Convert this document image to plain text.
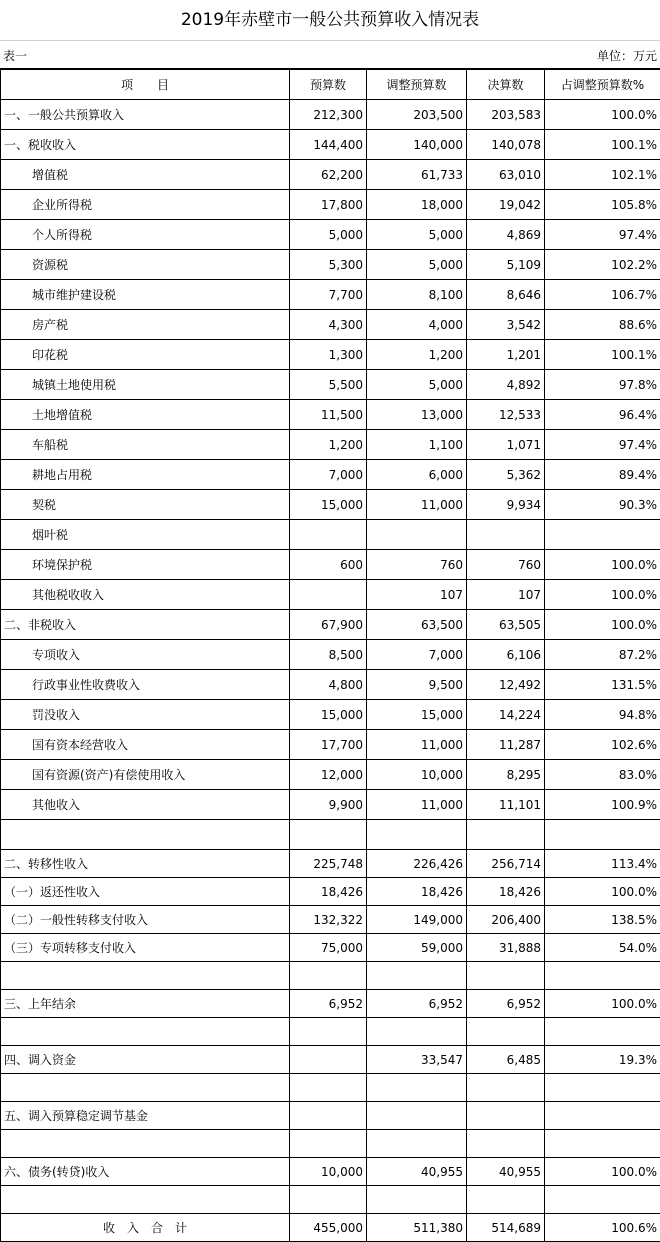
2019年赤壁市一般公共预算收入情况表
表一	单位：万元
项　　目	预算数	调整预算数	决算数	占调整预算数%
一、一般公共预算收入	212,300	203,500	203,583	100.0%
一、税收收入	144,400	140,000	140,078	100.1%
增值税	62,200	61,733	63,010	102.1%
企业所得税	17,800	18,000	19,042	105.8%
个人所得税	5,000	5,000	4,869	97.4%
资源税	5,300	5,000	5,109	102.2%
城市维护建设税	7,700	8,100	8,646	106.7%
房产税	4,300	4,000	3,542	88.6%
印花税	1,300	1,200	1,201	100.1%
城镇土地使用税	5,500	5,000	4,892	97.8%
土地增值税	11,500	13,000	12,533	96.4%
车船税	1,200	1,100	1,071	97.4%
耕地占用税	7,000	6,000	5,362	89.4%
契税	15,000	11,000	9,934	90.3%
烟叶税				
环境保护税	600	760	760	100.0%
其他税收收入		107	107	100.0%
二、非税收入	67,900	63,500	63,505	100.0%
专项收入	8,500	7,000	6,106	87.2%
行政事业性收费收入	4,800	9,500	12,492	131.5%
罚没收入	15,000	15,000	14,224	94.8%
国有资本经营收入	17,700	11,000	11,287	102.6%
国有资源(资产)有偿使用收入	12,000	10,000	8,295	83.0%
其他收入	9,900	11,000	11,101	100.9%

二、转移性收入	225,748	226,426	256,714	113.4%
（一）返还性收入	18,426	18,426	18,426	100.0%
（二）一般性转移支付收入	132,322	149,000	206,400	138.5%
（三）专项转移支付收入	75,000	59,000	31,888	54.0%

三、上年结余	6,952	6,952	6,952	100.0%

四、调入资金		33,547	6,485	19.3%

五、调入预算稳定调节基金				

六、债务(转贷)收入	10,000	40,955	40,955	100.0%

收　入　合　计	455,000	511,380	514,689	100.6%
